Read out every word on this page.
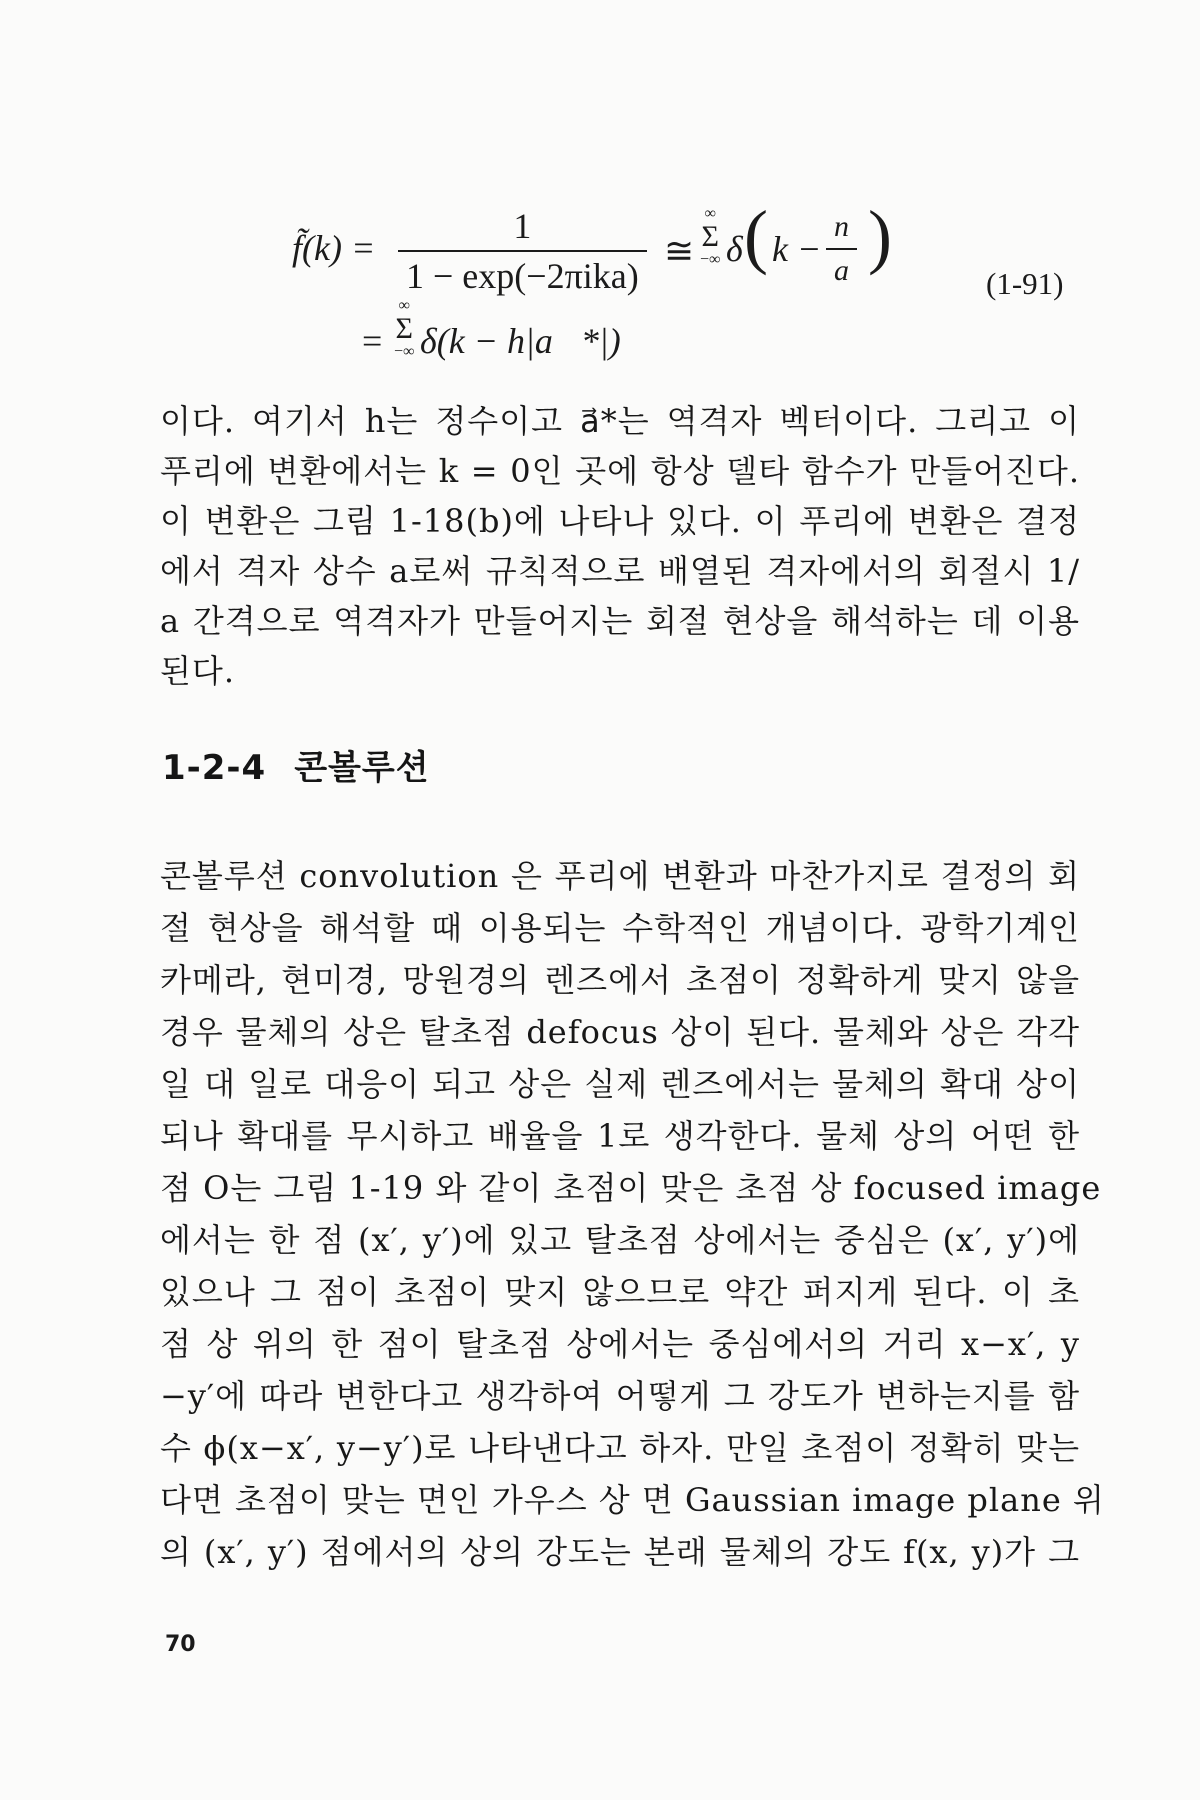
f̃(k) =
1
1 − exp(−2πika)
≅
∞
Σ
−∞ δ ( k −
n
a )
=
∞
Σ
−∞ δ(k − h|a⃗*|)
(1-91)
이다. 여기서 h는 정수이고 a⃗*는 역격자 벡터이다. 그리고 이
푸리에 변환에서는 k = 0인 곳에 항상 델타 함수가 만들어진다.
이 변환은 그림 1-18(b)에 나타나 있다. 이 푸리에 변환은 결정
에서 격자 상수 a로써 규칙적으로 배열된 격자에서의 회절시 1/
a 간격으로 역격자가 만들어지는 회절 현상을 해석하는 데 이용
된다.
1-2-4 콘볼루션
콘볼루션 convolution 은 푸리에 변환과 마찬가지로 결정의 회
절 현상을 해석할 때 이용되는 수학적인 개념이다. 광학기계인
카메라, 현미경, 망원경의 렌즈에서 초점이 정확하게 맞지 않을
경우 물체의 상은 탈초점 defocus 상이 된다. 물체와 상은 각각
일 대 일로 대응이 되고 상은 실제 렌즈에서는 물체의 확대 상이
되나 확대를 무시하고 배율을 1로 생각한다. 물체 상의 어떤 한
점 O는 그림 1-19 와 같이 초점이 맞은 초점 상 focused image
에서는 한 점 (x′, y′)에 있고 탈초점 상에서는 중심은 (x′, y′)에
있으나 그 점이 초점이 맞지 않으므로 약간 퍼지게 된다. 이 초
점 상 위의 한 점이 탈초점 상에서는 중심에서의 거리 x−x′, y
−y′에 따라 변한다고 생각하여 어떻게 그 강도가 변하는지를 함
수 ϕ(x−x′, y−y′)로 나타낸다고 하자. 만일 초점이 정확히 맞는
다면 초점이 맞는 면인 가우스 상 면 Gaussian image plane 위
의 (x′, y′) 점에서의 상의 강도는 본래 물체의 강도 f(x, y)가 그
70
